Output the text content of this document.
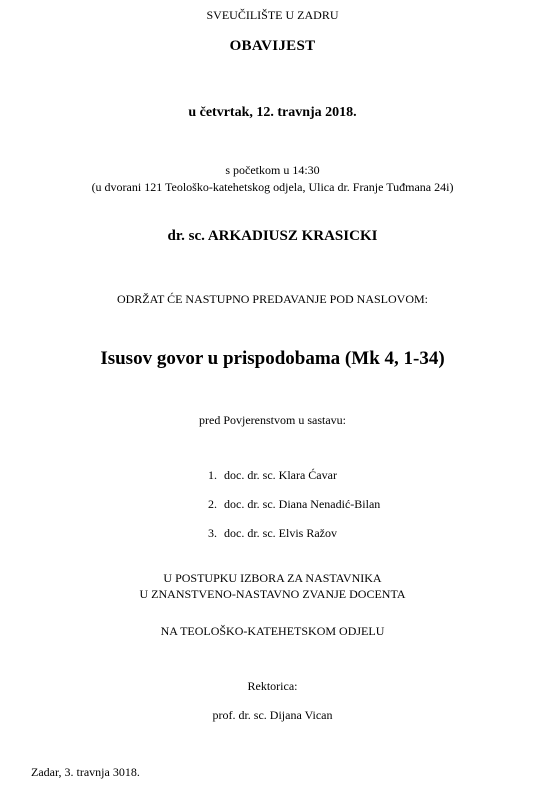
SVEUČILIŠTE U ZADRU
OBAVIJEST
u četvrtak, 12. travnja 2018.
s početkom u 14:30
(u dvorani 121 Teološko-katehetskog odjela, Ulica dr. Franje Tuđmana 24i)
dr. sc. ARKADIUSZ KRASICKI
ODRŽAT ĆE NASTUPNO PREDAVANJE POD NASLOVOM:
Isusov govor u prispodobama (Mk 4, 1-34)
pred Povjerenstvom u sastavu:
1. doc. dr. sc. Klara Ćavar
2. doc. dr. sc. Diana Nenadić-Bilan
3. doc. dr. sc. Elvis Ražov
U POSTUPKU IZBORA ZA NASTAVNIKA
U ZNANSTVENO-NASTAVNO ZVANJE DOCENTA
NA TEOLOŠKO-KATEHETSKOM ODJELU
Rektorica:
prof. dr. sc. Dijana Vican
Zadar, 3. travnja 3018.
